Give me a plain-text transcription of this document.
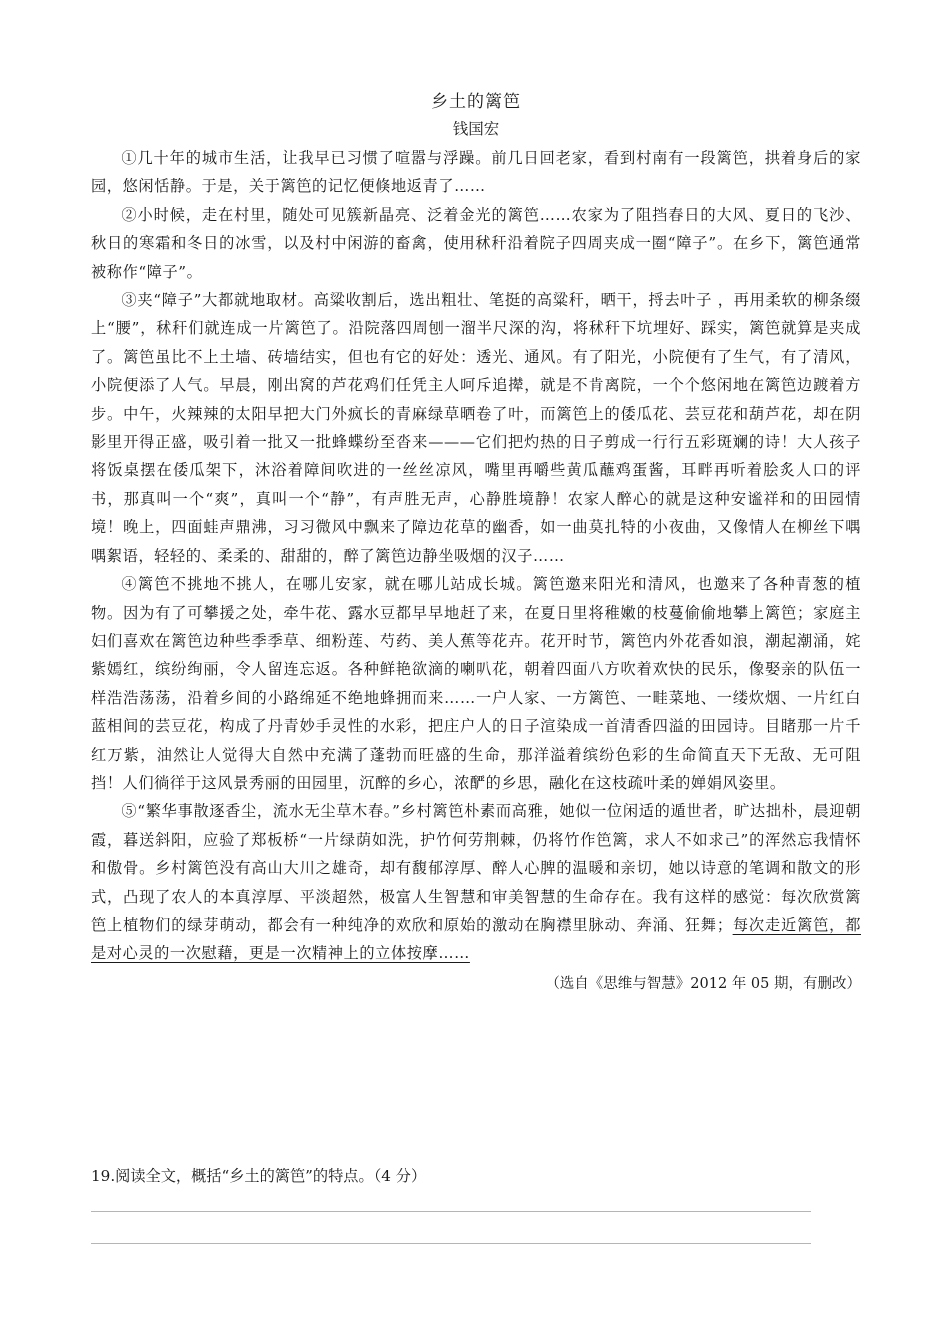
乡土的篱笆

钱国宏

①几十年的城市生活，让我早已习惯了喧嚣与浮躁。前几日回老家，看到村南有一段篱笆，拱着身后的家园，悠闲恬静。于是，关于篱笆的记忆便倏地返青了……

②小时候，走在村里，随处可见簇新晶亮、泛着金光的篱笆……农家为了阻挡春日的大风、夏日的飞沙、秋日的寒霜和冬日的冰雪，以及村中闲游的畜禽，使用秫秆沿着院子四周夹成一圈“障子”。在乡下，篱笆通常被称作“障子”。

③夹“障子”大都就地取材。高粱收割后，选出粗壮、笔挺的高粱秆，晒干，捋去叶子 ，再用柔软的柳条缀上“腰”，秫秆们就连成一片篱笆了。沿院落四周刨一溜半尺深的沟，将秫秆下坑埋好、踩实，篱笆就算是夹成了。篱笆虽比不上土墙、砖墙结实，但也有它的好处：透光、通风。有了阳光，小院便有了生气，有了清风，小院便添了人气。早晨，刚出窝的芦花鸡们任凭主人呵斥追撵，就是不肯离院，一个个悠闲地在篱笆边踱着方步。中午，火辣辣的太阳早把大门外疯长的青麻绿草晒卷了叶，而篱笆上的倭瓜花、芸豆花和葫芦花，却在阴影里开得正盛，吸引着一批又一批蜂蝶纷至沓来———它们把灼热的日子剪成一行行五彩斑斓的诗！大人孩子将饭桌摆在倭瓜架下，沐浴着障间吹进的一丝丝凉风，嘴里再嚼些黄瓜蘸鸡蛋酱，耳畔再听着脍炙人口的评书，那真叫一个“爽”，真叫一个“静”，有声胜无声，心静胜境静！农家人醉心的就是这种安谧祥和的田园情境！晚上，四面蛙声鼎沸，习习微风中飘来了障边花草的幽香，如一曲莫扎特的小夜曲，又像情人在柳丝下喁喁絮语，轻轻的、柔柔的、甜甜的，醉了篱笆边静坐吸烟的汉子……

④篱笆不挑地不挑人，在哪儿安家，就在哪儿站成长城。篱笆邀来阳光和清风，也邀来了各种青葱的植物。因为有了可攀援之处，牵牛花、露水豆都早早地赶了来，在夏日里将稚嫩的枝蔓偷偷地攀上篱笆；家庭主 妇们喜欢在篱笆边种些季季草、细粉莲、芍药、美人蕉等花卉。花开时节，篱笆内外花香如浪，潮起潮涌，姹紫嫣红，缤纷绚丽，令人留连忘返。各种鲜艳欲滴的喇叭花，朝着四面八方吹着欢快的民乐，像娶亲的队伍一样浩浩荡荡，沿着乡间的小路绵延不绝地蜂拥而来……一户人家、一方篱笆、一畦菜地、一缕炊烟、一片红白蓝相间的芸豆花，构成了丹青妙手灵性的水彩，把庄户人的日子渲染成一首清香四溢的田园诗。目睹那一片千红万紫，油然让人觉得大自然中充满了蓬勃而旺盛的生命，那洋溢着缤纷色彩的生命简直天下无敌、无可阻挡！人们徜徉于这风景秀丽的田园里，沉醉的乡心，浓酽的乡思，融化在这枝疏叶柔的婵娟风姿里。

⑤“繁华事散逐香尘，流水无尘草木春。”乡村篱笆朴素而高雅，她似一位闲适的遁世者，旷达拙朴，晨迎朝霞，暮送斜阳，应验了郑板桥“一片绿荫如洗，护竹何劳荆棘，仍将竹作笆篱，求人不如求己”的浑然忘我情怀和傲骨。乡村篱笆没有高山大川之雄奇，却有馥郁淳厚、醉人心脾的温暖和亲切，她以诗意的笔调和散文的形式，凸现了农人的本真淳厚、平淡超然，极富人生智慧和审美智慧的生命存在。我有这样的感觉：每次欣赏篱笆上植物们的绿芽萌动，都会有一种纯净的欢欣和原始的激动在胸襟里脉动、奔涌、狂舞；每次走近篱笆，都是对心灵的一次慰藉，更是一次精神上的立体按摩……

（选自《思维与智慧》2012 年 05 期，有删改）

19.阅读全文，概括“乡土的篱笆”的特点。（4 分）
